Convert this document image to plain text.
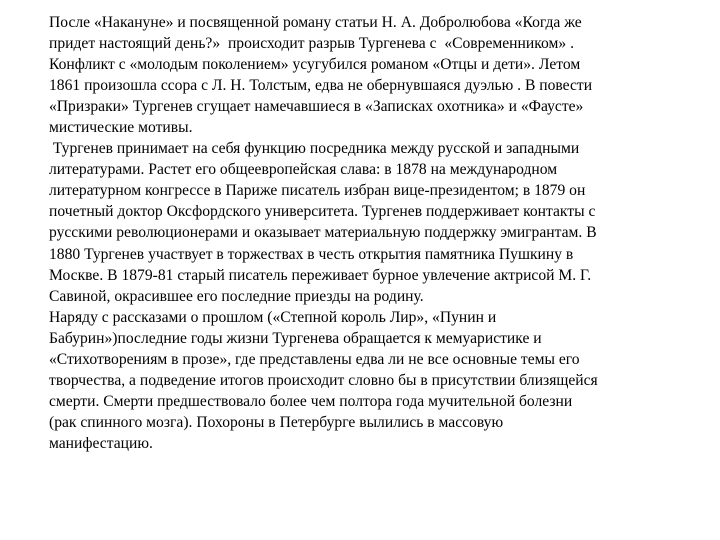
После «Накануне» и посвященной роману статьи Н. А. Добролюбова «Когда же
придет настоящий день?»  происходит разрыв Тургенева с  «Современником» .
Конфликт с «молодым поколением» усугубился романом «Отцы и дети». Летом
1861 произошла ссора с Л. Н. Толстым, едва не обернувшаяся дуэлью . В повести
«Призраки» Тургенев сгущает намечавшиеся в «Записках охотника» и «Фаусте»
мистические мотивы.
Тургенев принимает на себя функцию посредника между русской и западными
литературами. Растет его общеевропейская слава: в 1878 на международном
литературном конгрессе в Париже писатель избран вице-президентом; в 1879 он
почетный доктор Оксфордского университета. Тургенев поддерживает контакты с
русскими революционерами и оказывает материальную поддержку эмигрантам. В
1880 Тургенев участвует в торжествах в честь открытия памятника Пушкину в
Москве. В 1879-81 старый писатель переживает бурное увлечение актрисой М. Г.
Савиной, окрасившее его последние приезды на родину.
Наряду с рассказами о прошлом («Степной король Лир», «Пунин и
Бабурин»)последние годы жизни Тургенева обращается к мемуаристике и
«Стихотворениям в прозе», где представлены едва ли не все основные темы его
творчества, а подведение итогов происходит словно бы в присутствии близящейся
смерти. Смерти предшествовало более чем полтора года мучительной болезни
(рак спинного мозга). Похороны в Петербурге вылились в массовую
манифестацию.
